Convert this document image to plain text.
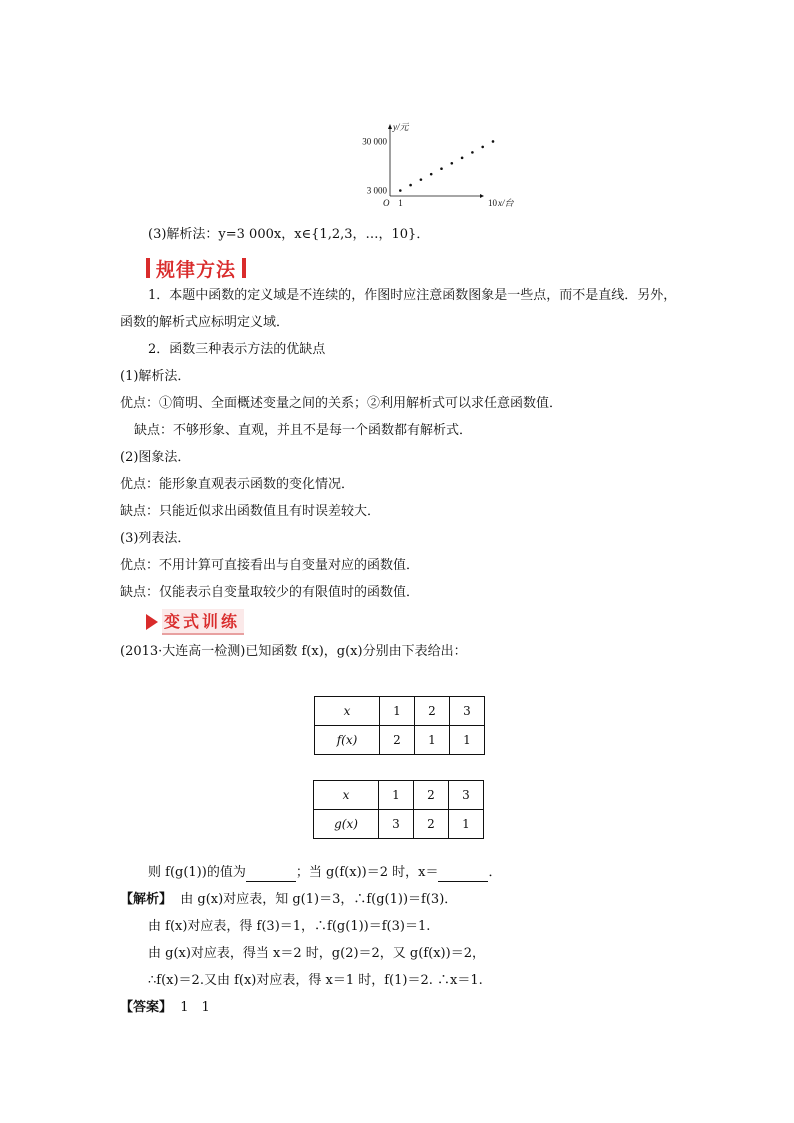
30 000
3 000
O 1	10 x/台
y/元
(3)解析法：y=3 000x，x∈{1,2,3，…，10}．
规律方法
1．本题中函数的定义域是不连续的，作图时应注意函数图象是一些点，而不是直线．另外，函数的解析式应标明定义域．
2．函数三种表示方法的优缺点
(1)解析法．
优点：①简明、全面概述变量之间的关系；②利用解析式可以求任意函数值．
缺点：不够形象、直观，并且不是每一个函数都有解析式．
(2)图象法．
优点：能形象直观表示函数的变化情况．
缺点：只能近似求出函数值且有时误差较大．
(3)列表法．
优点：不用计算可直接看出与自变量对应的函数值．
缺点：仅能表示自变量取较少的有限值时的函数值．
变式训练
(2013·大连高一检测)已知函数 f(x)，g(x)分别由下表给出：
x	1	2	3
f(x)	2	1	1
x	1	2	3
g(x)	3	2	1
则 f(g(1))的值为	；当 g(f(x))＝2 时，x＝	．
【解析】 由 g(x)对应表，知 g(1)＝3，∴f(g(1))＝f(3)．
由 f(x)对应表，得 f(3)＝1，∴f(g(1))＝f(3)＝1.
由 g(x)对应表，得当 x＝2 时，g(2)＝2，又 g(f(x))＝2，
∴f(x)＝2.又由 f(x)对应表，得 x＝1 时，f(1)＝2. ∴x＝1.
【答案】 1　1
